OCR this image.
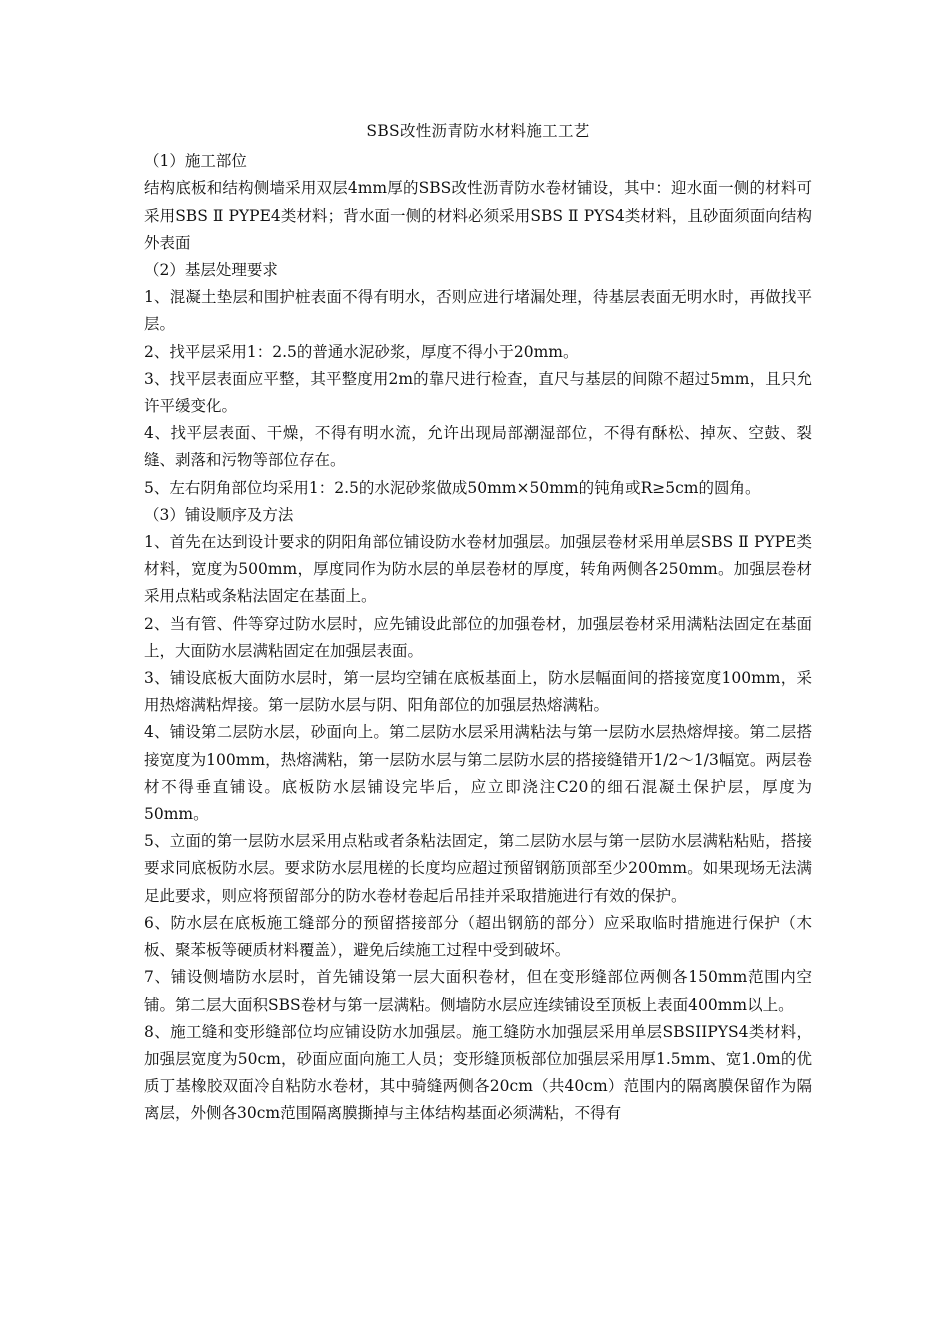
SBS改性沥青防水材料施工工艺
（1）施工部位

结构底板和结构侧墙采用双层4mm厚的SBS改性沥青防水卷材铺设，其中：迎水面一侧的材料可采用SBS Ⅱ PYPE4类材料；背水面一侧的材料必须采用SBS Ⅱ PYS4类材料，且砂面须面向结构外表面

（2）基层处理要求

1、混凝土垫层和围护桩表面不得有明水，否则应进行堵漏处理，待基层表面无明水时，再做找平层。

2、找平层采用1：2.5的普通水泥砂浆，厚度不得小于20mm。

3、找平层表面应平整，其平整度用2m的靠尺进行检查，直尺与基层的间隙不超过5mm，且只允许平缓变化。

4、找平层表面、干燥，不得有明水流，允许出现局部潮湿部位，不得有酥松、掉灰、空鼓、裂缝、剥落和污物等部位存在。

5、左右阴角部位均采用1：2.5的水泥砂浆做成50mm×50mm的钝角或R≥5cm的圆角。

（3）铺设顺序及方法

1、首先在达到设计要求的阴阳角部位铺设防水卷材加强层。加强层卷材采用单层SBS Ⅱ PYPE类材料，宽度为500mm，厚度同作为防水层的单层卷材的厚度，转角两侧各250mm。加强层卷材采用点粘或条粘法固定在基面上。

2、当有管、件等穿过防水层时，应先铺设此部位的加强卷材，加强层卷材采用满粘法固定在基面上，大面防水层满粘固定在加强层表面。

3、铺设底板大面防水层时，第一层均空铺在底板基面上，防水层幅面间的搭接宽度100mm，采用热熔满粘焊接。第一层防水层与阴、阳角部位的加强层热熔满粘。

4、铺设第二层防水层，砂面向上。第二层防水层采用满粘法与第一层防水层热熔焊接。第二层搭接宽度为100mm，热熔满粘，第一层防水层与第二层防水层的搭接缝错开1/2～1/3幅宽。两层卷材不得垂直铺设。底板防水层铺设完毕后，应立即浇注C20的细石混凝土保护层，厚度为50mm。

5、立面的第一层防水层采用点粘或者条粘法固定，第二层防水层与第一层防水层满粘粘贴，搭接要求同底板防水层。要求防水层甩槎的长度均应超过预留钢筋顶部至少200mm。如果现场无法满足此要求，则应将预留部分的防水卷材卷起后吊挂并采取措施进行有效的保护。

6、防水层在底板施工缝部分的预留搭接部分（超出钢筋的部分）应采取临时措施进行保护（木板、聚苯板等硬质材料覆盖），避免后续施工过程中受到破坏。

7、铺设侧墙防水层时，首先铺设第一层大面积卷材，但在变形缝部位两侧各150mm范围内空铺。第二层大面积SBS卷材与第一层满粘。侧墙防水层应连续铺设至顶板上表面400mm以上。

8、施工缝和变形缝部位均应铺设防水加强层。施工缝防水加强层采用单层SBSIIPYS4类材料，加强层宽度为50cm，砂面应面向施工人员；变形缝顶板部位加强层采用厚1.5mm、宽1.0m的优质丁基橡胶双面冷自粘防水卷材，其中骑缝两侧各20cm（共40cm）范围内的隔离膜保留作为隔离层，外侧各30cm范围隔离膜撕掉与主体结构基面必须满粘，不得有
